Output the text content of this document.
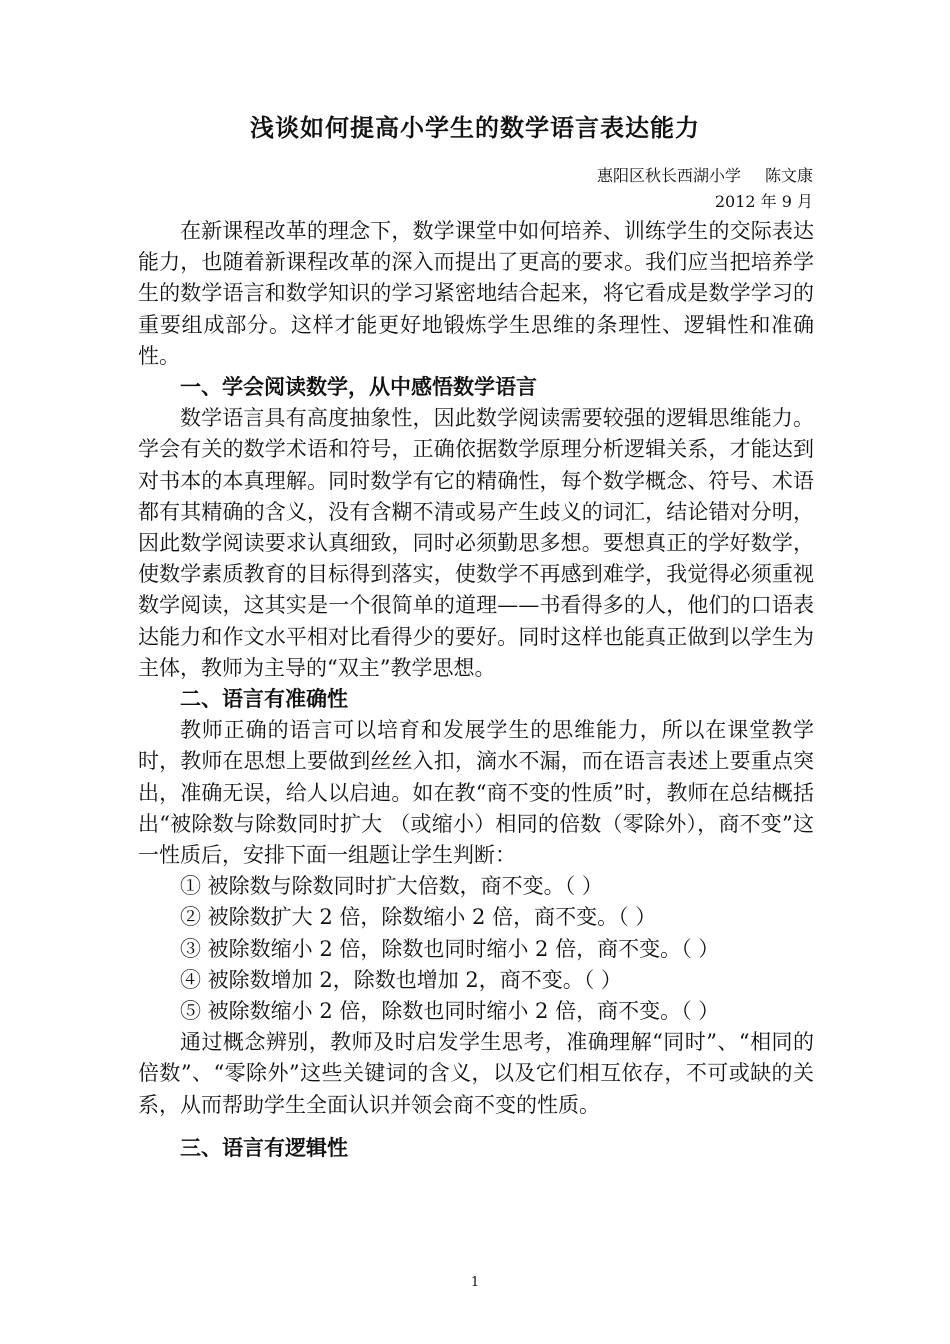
浅谈如何提高小学生的数学语言表达能力
惠阳区秋长西湖小学 陈文康
2012 年 9 月

在新课程改革的理念下，数学课堂中如何培养、训练学生的交际表达能力，也随着新课程改革的深入而提出了更高的要求。我们应当把培养学生的数学语言和数学知识的学习紧密地结合起来，将它看成是数学学习的重要组成部分。这样才能更好地锻炼学生思维的条理性、逻辑性和准确性。

一、学会阅读数学，从中感悟数学语言

数学语言具有高度抽象性，因此数学阅读需要较强的逻辑思维能力。学会有关的数学术语和符号，正确依据数学原理分析逻辑关系，才能达到对书本的本真理解。同时数学有它的精确性，每个数学概念、符号、术语都有其精确的含义，没有含糊不清或易产生歧义的词汇，结论错对分明，因此数学阅读要求认真细致，同时必须勤思多想。要想真正的学好数学，使数学素质教育的目标得到落实，使数学不再感到难学，我觉得必须重视数学阅读，这其实是一个很简单的道理——书看得多的人，他们的口语表达能力和作文水平相对比看得少的要好。同时这样也能真正做到以学生为主体，教师为主导的“双主”教学思想。

二、语言有准确性

教师正确的语言可以培育和发展学生的思维能力，所以在课堂教学时，教师在思想上要做到丝丝入扣，滴水不漏，而在语言表述上要重点突出，准确无误，给人以启迪。如在教“商不变的性质”时，教师在总结概括出“被除数与除数同时扩大 （或缩小）相同的倍数（零除外），商不变”这一性质后，安排下面一组题让学生判断：

① 被除数与除数同时扩大倍数，商不变。（ ）

② 被除数扩大 2 倍，除数缩小 2 倍，商不变。（ ）

③ 被除数缩小 2 倍，除数也同时缩小 2 倍，商不变。（ ）

④ 被除数增加 2，除数也增加 2，商不变。（ ）

⑤ 被除数缩小 2 倍，除数也同时缩小 2 倍，商不变。（ ）

通过概念辨别，教师及时启发学生思考，准确理解“同时”、“相同的倍数”、“零除外”这些关键词的含义，以及它们相互依存，不可或缺的关系，从而帮助学生全面认识并领会商不变的性质。

三、语言有逻辑性
1
